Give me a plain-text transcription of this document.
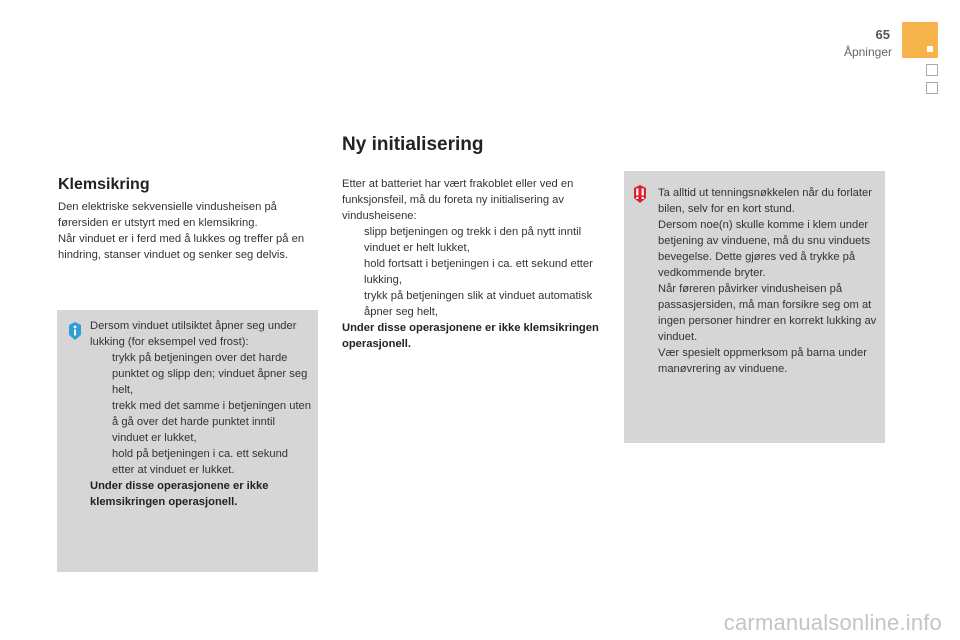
65
Åpninger
Klemsikring
Den elektriske sekvensielle vindusheisen på førersiden er utstyrt med en klemsikring.
Når vinduet er i ferd med å lukkes og treffer på en hindring, stanser vinduet og senker seg delvis.
Dersom vinduet utilsiktet åpner seg under lukking (for eksempel ved frost):
trykk på betjeningen over det harde punktet og slipp den; vinduet åpner seg helt,
trekk med det samme i betjeningen uten å gå over det harde punktet inntil vinduet er lukket,
hold på betjeningen i ca. ett sekund etter at vinduet er lukket.
Under disse operasjonene er ikke klemsikringen operasjonell.
Ny initialisering
Etter at batteriet har vært frakoblet eller ved en funksjonsfeil, må du foreta ny initialisering av vindusheisene:
slipp betjeningen og trekk i den på nytt inntil vinduet er helt lukket,
hold fortsatt i betjeningen i ca. ett sekund etter lukking,
trykk på betjeningen slik at vinduet automatisk åpner seg helt,
Under disse operasjonene er ikke klemsikringen operasjonell.
Ta alltid ut tenningsnøkkelen når du forlater bilen, selv for en kort stund.
Dersom noe(n) skulle komme i klem under betjening av vinduene, må du snu vinduets bevegelse. Dette gjøres ved å trykke på vedkommende bryter.
Når føreren påvirker vindusheisen på passasjersiden, må man forsikre seg om at ingen personer hindrer en korrekt lukking av vinduet.
Vær spesielt oppmerksom på barna under manøvrering av vinduene.
carmanualsonline.info
